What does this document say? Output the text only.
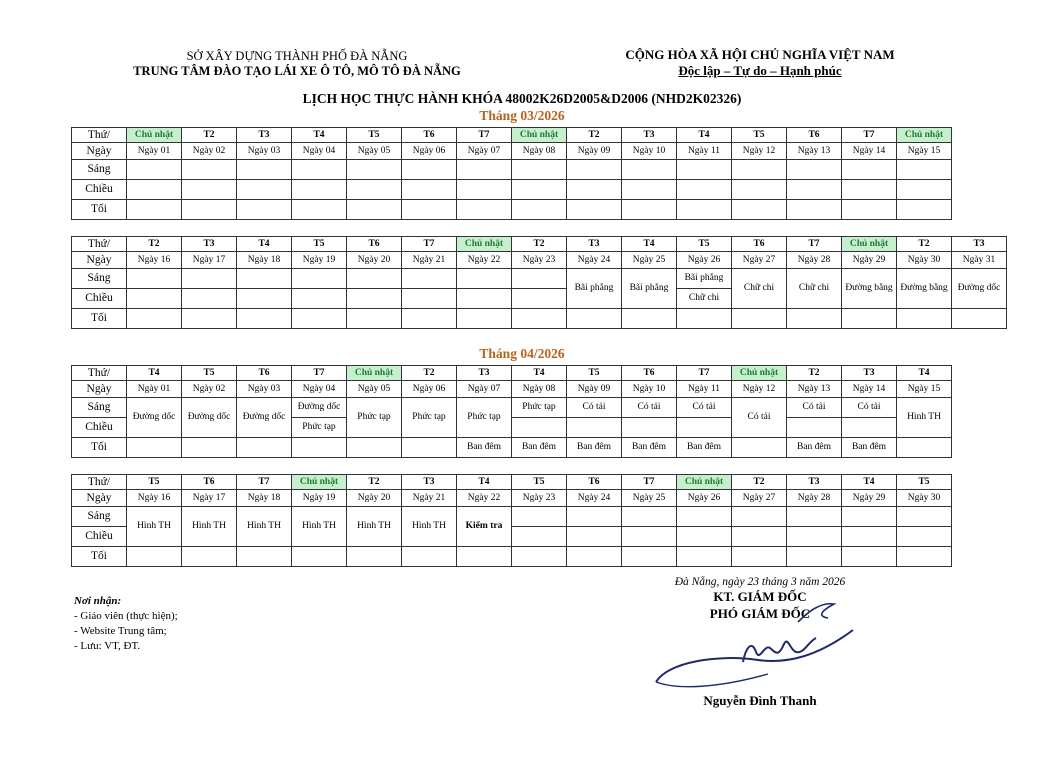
SỞ XÂY DỰNG THÀNH PHỐ ĐÀ NẴNG
TRUNG TÂM ĐÀO TẠO LÁI XE Ô TÔ, MÔ TÔ ĐÀ NẴNG
CỘNG HÒA XÃ HỘI CHỦ NGHĨA VIỆT NAM
Độc lập – Tự do – Hạnh phúc
LỊCH HỌC THỰC HÀNH KHÓA 48002K26D2005&D2006 (NHD2K02326)
Tháng 03/2026
Tháng 04/2026
Thứ/	Chủ nhật	T2	T3	T4	T5	T6	T7	Chủ nhật	T2	T3	T4	T5	T6	T7	Chủ nhật
Ngày	Ngày 01	Ngày 02	Ngày 03	Ngày 04	Ngày 05	Ngày 06	Ngày 07	Ngày 08	Ngày 09	Ngày 10	Ngày 11	Ngày 12	Ngày 13	Ngày 14	Ngày 15
Sáng															
Chiều															
Tối															
Thứ/	T2	T3	T4	T5	T6	T7	Chủ nhật	T2	T3	T4	T5	T6	T7	Chủ nhật	T2	T3
Ngày	Ngày 16	Ngày 17	Ngày 18	Ngày 19	Ngày 20	Ngày 21	Ngày 22	Ngày 23	Ngày 24	Ngày 25	Ngày 26	Ngày 27	Ngày 28	Ngày 29	Ngày 30	Ngày 31
Sáng									Bãi phẳng	Bãi phẳng	Bãi phẳng	Chữ chi	Chữ chi	Đường bằng	Đường bằng	Đường dốc
Chiều											Chữ chi					
Tối																
Thứ/	T4	T5	T6	T7	Chủ nhật	T2	T3	T4	T5	T6	T7	Chủ nhật	T2	T3	T4
Ngày	Ngày 01	Ngày 02	Ngày 03	Ngày 04	Ngày 05	Ngày 06	Ngày 07	Ngày 08	Ngày 09	Ngày 10	Ngày 11	Ngày 12	Ngày 13	Ngày 14	Ngày 15
Sáng	Đường dốc	Đường dốc	Đường dốc	Đường dốc	Phức tạp	Phức tạp	Phức tạp	Phức tạp	Có tải	Có tải	Có tải	Có tải	Có tải	Có tải	Hình TH
Chiều				Phức tạp											
Tối							Ban đêm	Ban đêm	Ban đêm	Ban đêm	Ban đêm		Ban đêm	Ban đêm	
Thứ/	T5	T6	T7	Chủ nhật	T2	T3	T4	T5	T6	T7	Chủ nhật	T2	T3	T4	T5
Ngày	Ngày 16	Ngày 17	Ngày 18	Ngày 19	Ngày 20	Ngày 21	Ngày 22	Ngày 23	Ngày 24	Ngày 25	Ngày 26	Ngày 27	Ngày 28	Ngày 29	Ngày 30
Sáng	Hình TH	Hình TH	Hình TH	Hình TH	Hình TH	Hình TH	Kiểm tra								
Chiều															
Tối															
Nơi nhận:
- Giáo viên (thực hiện);
- Website Trung tâm;
- Lưu: VT, ĐT.
Đà Nẵng, ngày 23 tháng 3 năm 2026
KT. GIÁM ĐỐC
PHÓ GIÁM ĐỐC
Nguyễn Đình Thanh
